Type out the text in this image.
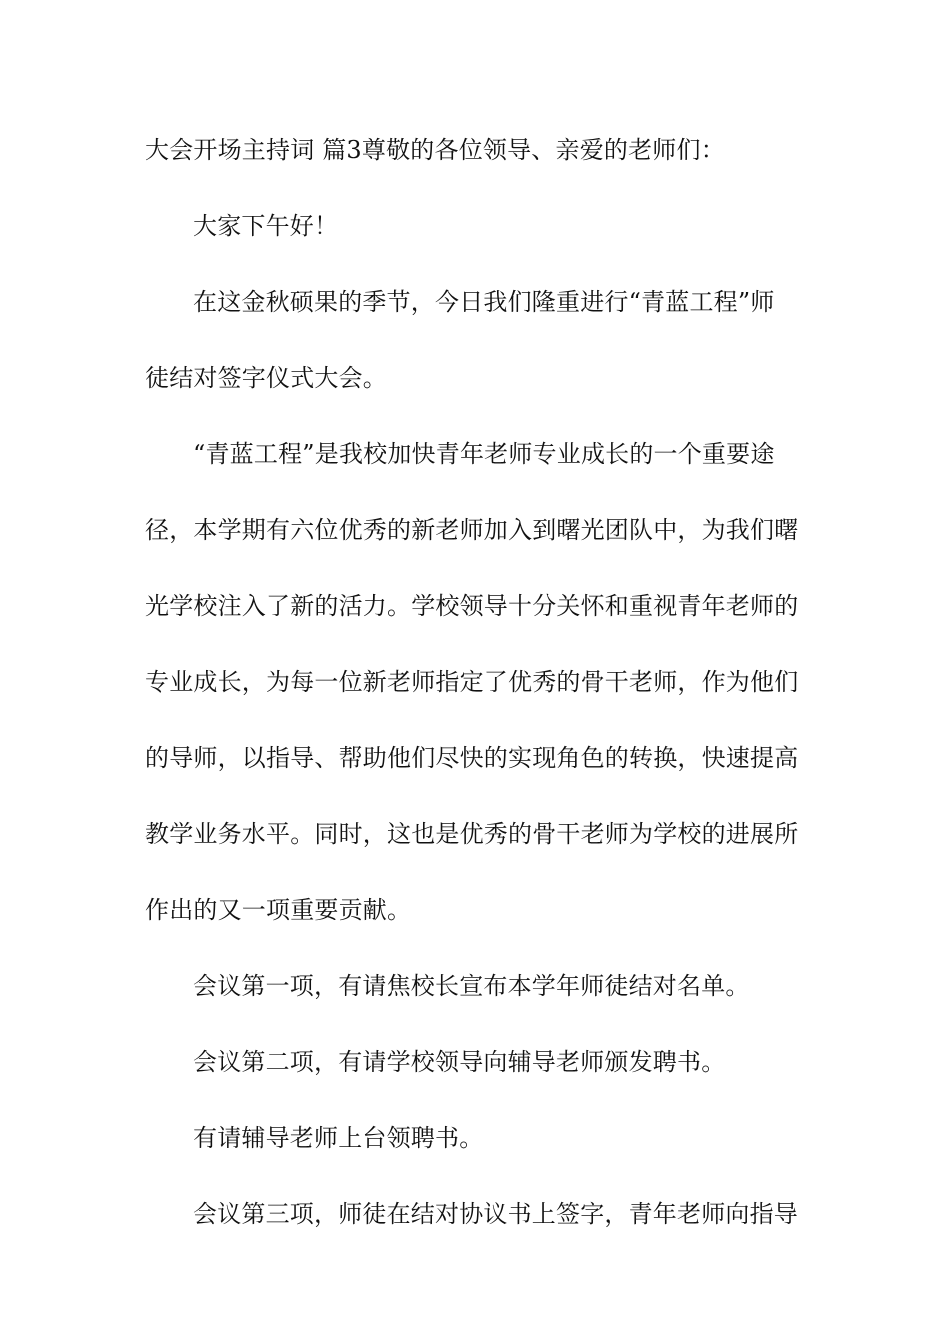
大会开场主持词 篇3尊敬的各位领导、亲爱的老师们：
大家下午好！
在这金秋硕果的季节，今日我们隆重进行“青蓝工程”师
徒结对签字仪式大会。
“青蓝工程”是我校加快青年老师专业成长的一个重要途
径，本学期有六位优秀的新老师加入到曙光团队中，为我们曙
光学校注入了新的活力。学校领导十分关怀和重视青年老师的
专业成长，为每一位新老师指定了优秀的骨干老师，作为他们
的导师，以指导、帮助他们尽快的实现角色的转换，快速提高
教学业务水平。同时，这也是优秀的骨干老师为学校的进展所
作出的又一项重要贡献。
会议第一项，有请焦校长宣布本学年师徒结对名单。
会议第二项，有请学校领导向辅导老师颁发聘书。
有请辅导老师上台领聘书。
会议第三项，师徒在结对协议书上签字，青年老师向指导
